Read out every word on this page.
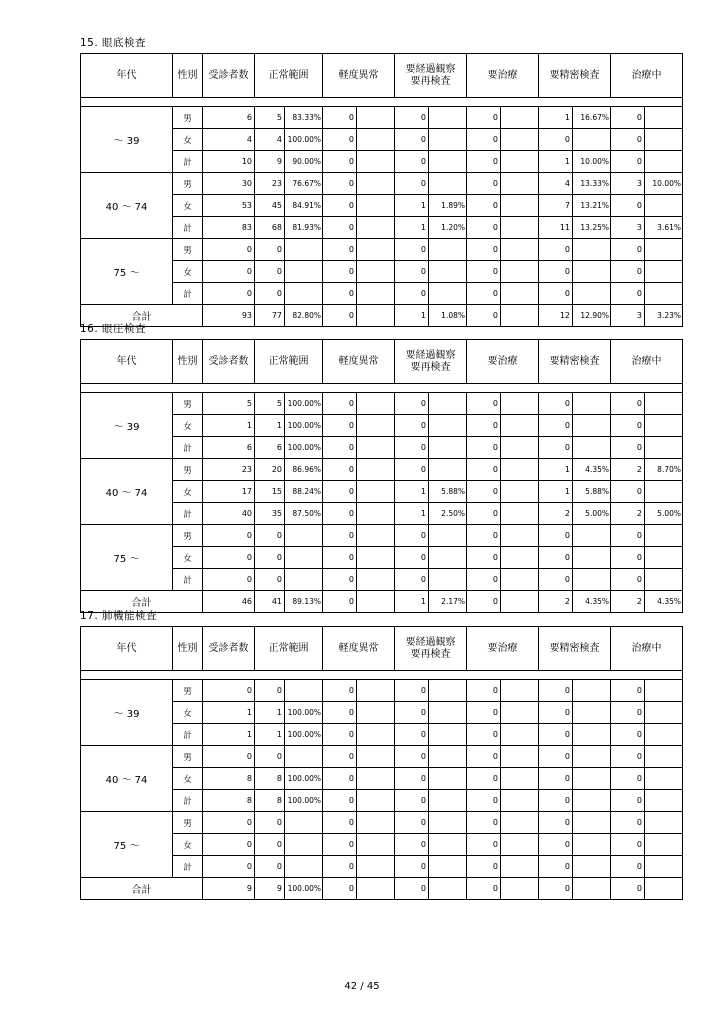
15. 眼底検査
年代	性別	受診者数	正常範囲		軽度異常		要経過観察
要再検査		要治療		要精密検査		治療中	

～ 39	男	6	5	83.33%	0		0		0		1	16.67%	0	
	女	4	4	100.00%	0		0		0		0		0	
	計	10	9	90.00%	0		0		0		1	10.00%	0	
40 ～ 74	男	30	23	76.67%	0		0		0		4	13.33%	3	10.00%
	女	53	45	84.91%	0		1	1.89%	0		7	13.21%	0	
	計	83	68	81.93%	0		1	1.20%	0		11	13.25%	3	3.61%
75 ～	男	0	0		0		0		0		0		0	
	女	0	0		0		0		0		0		0	
	計	0	0		0		0		0		0		0	
合計		93	77	82.80%	0		1	1.08%	0		12	12.90%	3	3.23%
16. 眼圧検査
年代	性別	受診者数	正常範囲		軽度異常		要経過観察
要再検査		要治療		要精密検査		治療中	

～ 39	男	5	5	100.00%	0		0		0		0		0	
	女	1	1	100.00%	0		0		0		0		0	
	計	6	6	100.00%	0		0		0		0		0	
40 ～ 74	男	23	20	86.96%	0		0		0		1	4.35%	2	8.70%
	女	17	15	88.24%	0		1	5.88%	0		1	5.88%	0	
	計	40	35	87.50%	0		1	2.50%	0		2	5.00%	2	5.00%
75 ～	男	0	0		0		0		0		0		0	
	女	0	0		0		0		0		0		0	
	計	0	0		0		0		0		0		0	
合計		46	41	89.13%	0		1	2.17%	0		2	4.35%	2	4.35%
17. 肺機能検査
年代	性別	受診者数	正常範囲		軽度異常		要経過観察
要再検査		要治療		要精密検査		治療中	

～ 39	男	0	0		0		0		0		0		0	
	女	1	1	100.00%	0		0		0		0		0	
	計	1	1	100.00%	0		0		0		0		0	
40 ～ 74	男	0	0		0		0		0		0		0	
	女	8	8	100.00%	0		0		0		0		0	
	計	8	8	100.00%	0		0		0		0		0	
75 ～	男	0	0		0		0		0		0		0	
	女	0	0		0		0		0		0		0	
	計	0	0		0		0		0		0		0	
合計		9	9	100.00%	0		0		0		0		0	
42 / 45
